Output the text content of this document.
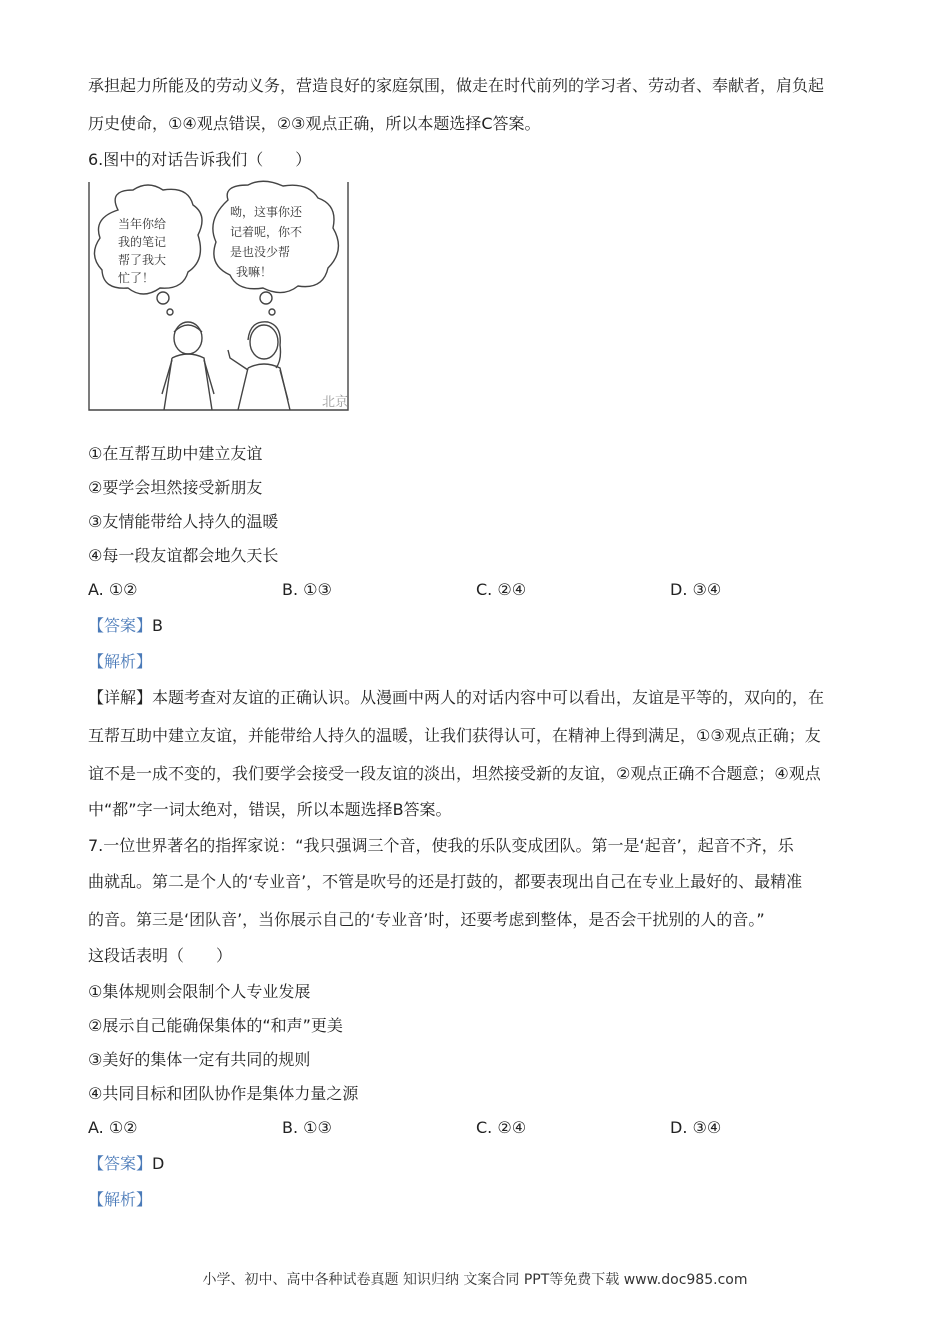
承担起力所能及的劳动义务，营造良好的家庭氛围，做走在时代前列的学习者、劳动者、奉献者，肩负起
历史使命，①④观点错误，②③观点正确，所以本题选择C答案。
6.图中的对话告诉我们（　　）
当年你给
我的笔记
帮了我大
忙了！
呦，这事你还
记着呢，你不
是也没少帮
我嘛！
北京
①在互帮互助中建立友谊
②要学会坦然接受新朋友
③友情能带给人持久的温暖
④每一段友谊都会地久天长
A. ①②	B. ①③	C. ②④	D. ③④
【答案】B
【解析】
【详解】本题考查对友谊的正确认识。从漫画中两人的对话内容中可以看出，友谊是平等的，双向的，在
互帮互助中建立友谊，并能带给人持久的温暖，让我们获得认可，在精神上得到满足，①③观点正确；友
谊不是一成不变的，我们要学会接受一段友谊的淡出，坦然接受新的友谊，②观点正确不合题意；④观点
中“都”字一词太绝对，错误，所以本题选择B答案。
7.一位世界著名的指挥家说：“我只强调三个音，使我的乐队变成团队。第一是‘起音’，起音不齐，乐
曲就乱。第二是个人的‘专业音’，不管是吹号的还是打鼓的，都要表现出自己在专业上最好的、最精准
的音。第三是‘团队音’，当你展示自己的‘专业音’时，还要考虑到整体，是否会干扰别的人的音。”
这段话表明（　　）
①集体规则会限制个人专业发展
②展示自己能确保集体的“和声”更美
③美好的集体一定有共同的规则
④共同目标和团队协作是集体力量之源
A. ①②	B. ①③	C. ②④	D. ③④
【答案】D
【解析】
小学、初中、高中各种试卷真题 知识归纳 文案合同 PPT等免费下载 www.doc985.com
